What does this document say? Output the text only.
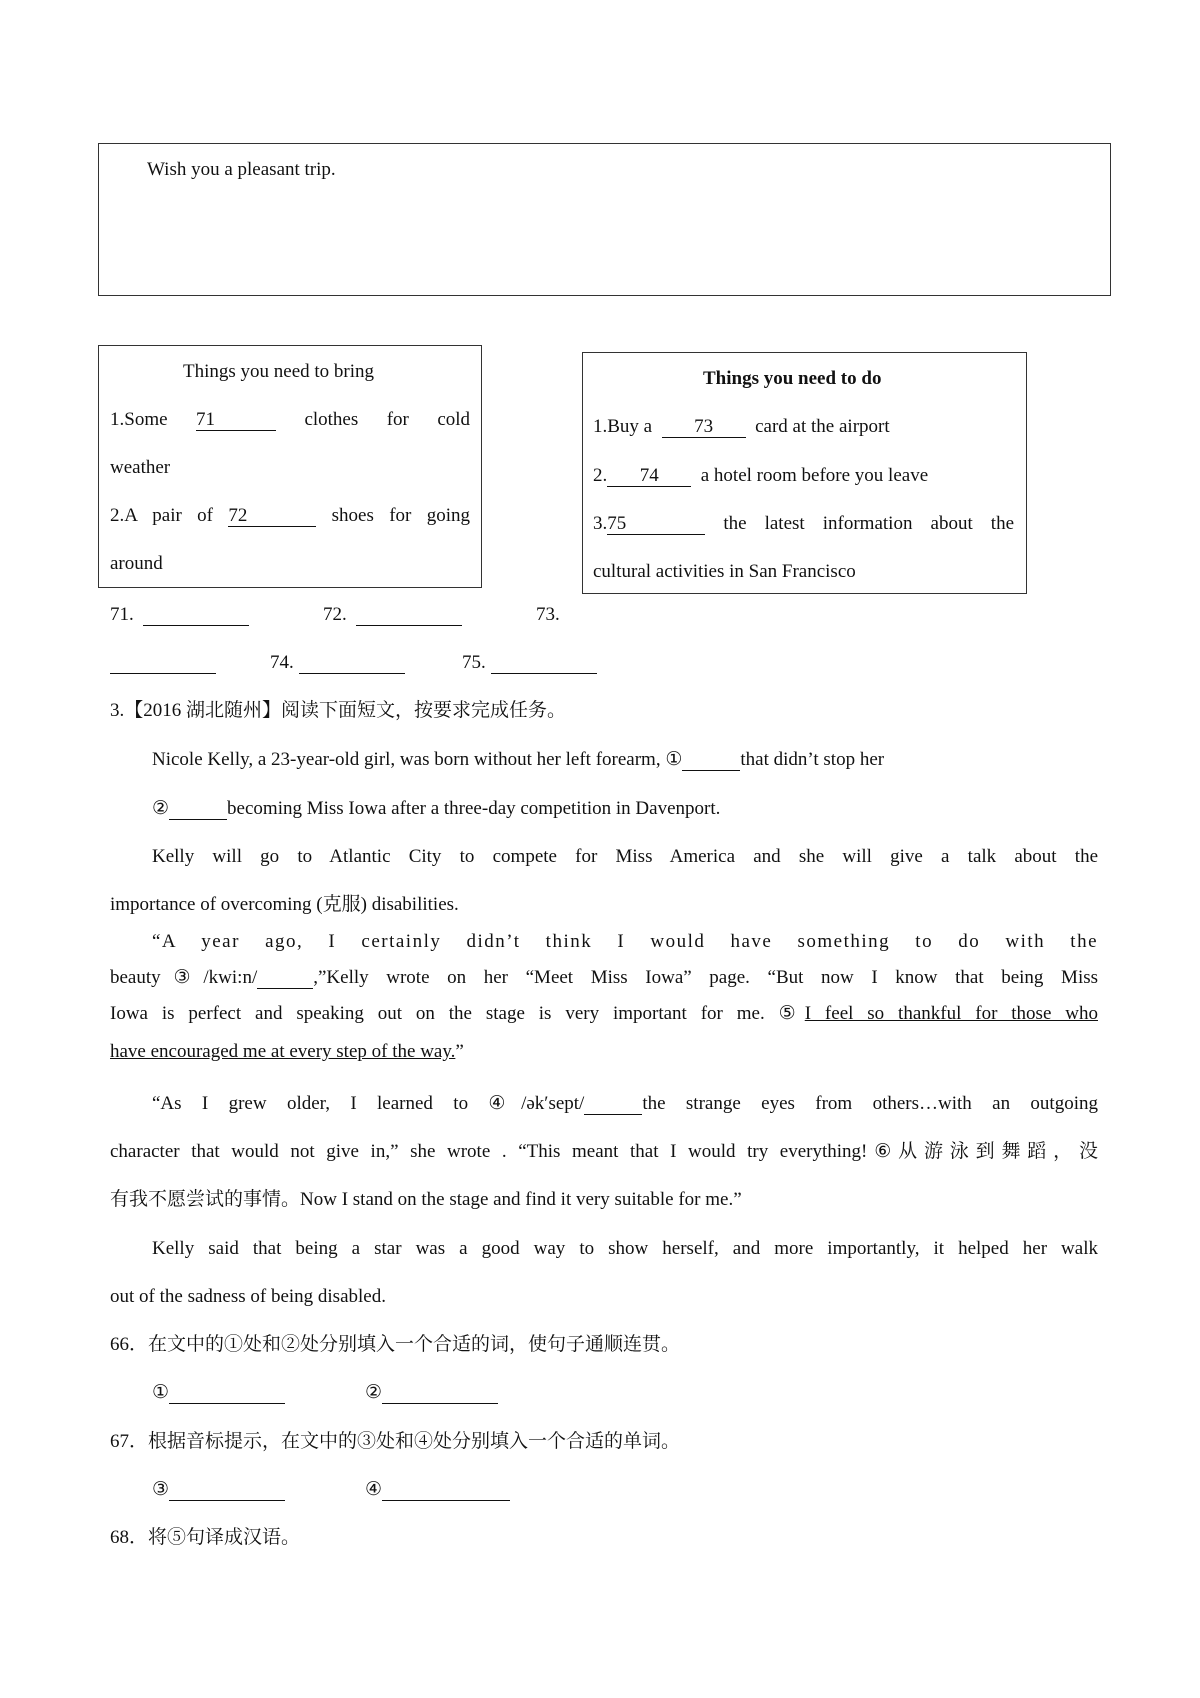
Wish you a pleasant trip.
Things you need to bring
1.Some 71	clothes for cold
weather
2.A pair of 72	shoes for going
around
Things you need to do
1.Buy a 73 card at the airport
2. 74 a hotel room before you leave
3.75	the latest information about the
cultural activities in San Francisco
71.	72.	73.

74.	75.
3.【2016 湖北随州】阅读下面短文，按要求完成任务。
Nicole Kelly, a 23-year-old girl, was born without her left forearm, ①	that didn’t stop her
②	becoming Miss Iowa after a three-day competition in Davenport.
Kelly will go to Atlantic City to compete for Miss America and she will give a talk about the
importance of overcoming (克服) disabilities.
“A year ago, I certainly didn’t think I would have something to do with the
beauty③/kwi:n/	,”Kelly wrote on her “Meet Miss Iowa” page. “But now I know that being Miss
Iowa is perfect and speaking out on the stage is very important for me. ⑤I feel so thankful for those who
have encouraged me at every step of the way.”
“As I grew older, I learned to ④/ək′sept/	the strange eyes from others…with an outgoing
character that would not give in,” she wrote . “This meant that I would try everything!⑥从游泳到舞蹈，没
有我不愿尝试的事情。Now I stand on the stage and find it very suitable for me.”
Kelly said that being a star was a good way to show herself, and more importantly, it helped her walk
out of the sadness of being disabled.
66．在文中的①处和②处分别填入一个合适的词，使句子通顺连贯。
①	②
67．根据音标提示，在文中的③处和④处分别填入一个合适的单词。
③	④
68．将⑤句译成汉语。
